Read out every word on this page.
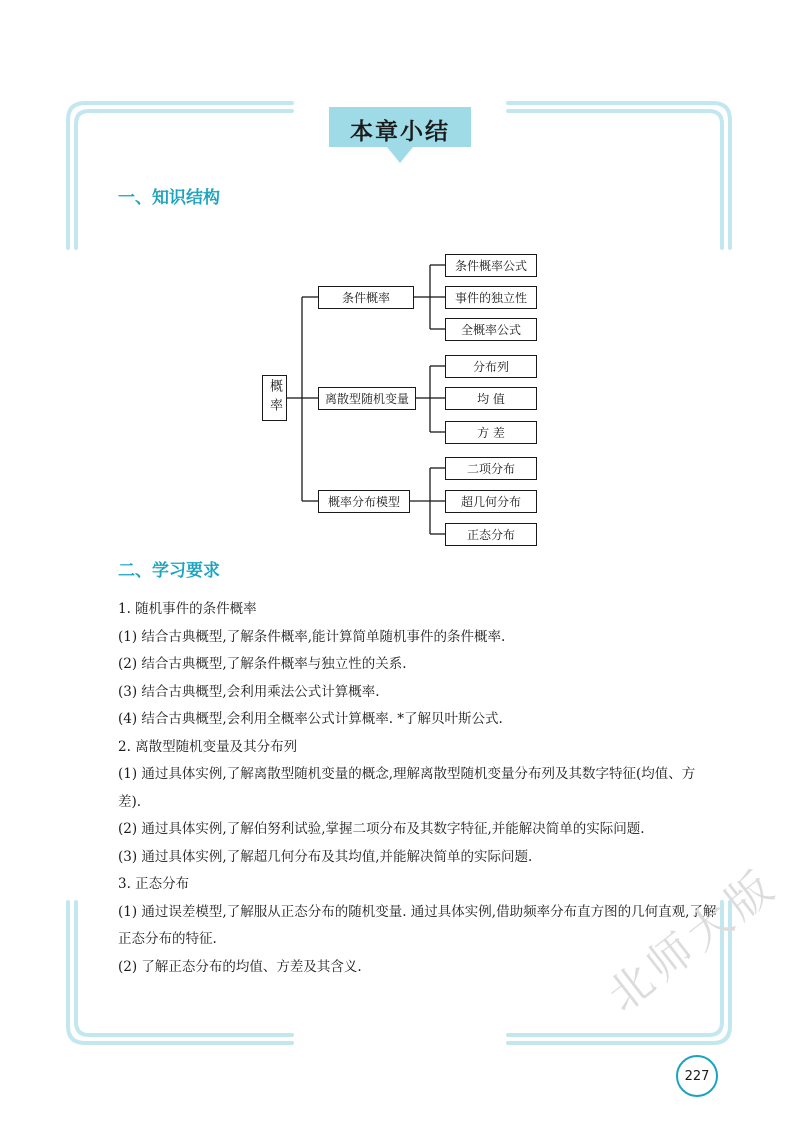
本章小结
一、知识结构
概率
条件概率
离散型随机变量
概率分布模型
条件概率公式
事件的独立性
全概率公式
分布列
均 值
方 差
二项分布
超几何分布
正态分布
二、学习要求

1. 随机事件的条件概率

(1) 结合古典概型,了解条件概率,能计算简单随机事件的条件概率.

(2) 结合古典概型,了解条件概率与独立性的关系.

(3) 结合古典概型,会利用乘法公式计算概率.

(4) 结合古典概型,会利用全概率公式计算概率. *了解贝叶斯公式.

2. 离散型随机变量及其分布列

(1) 通过具体实例,了解离散型随机变量的概念,理解离散型随机变量分布列及其数字特征(均值、方差).

(2) 通过具体实例,了解伯努利试验,掌握二项分布及其数字特征,并能解决简单的实际问题.

(3) 通过具体实例,了解超几何分布及其均值,并能解决简单的实际问题.

3. 正态分布

(1) 通过误差模型,了解服从正态分布的随机变量. 通过具体实例,借助频率分布直方图的几何直观,了解正态分布的特征.

(2) 了解正态分布的均值、方差及其含义.	北师大版
227
